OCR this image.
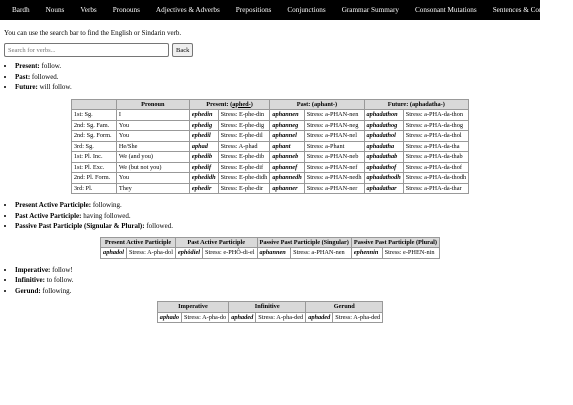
Bardh	Nouns	Verbs	Pronouns	Adjectives & Adverbs	Prepositions	Conjunctions	Grammar Summary	Consonant Mutations	Sentences & Compounds
You can use the search bar to find the English or Sindarin verb.
Search for verbs...
Back
• Present: follow.
• Past: followed.
• Future: will follow.
	Pronoun	Present: (aphed-)		Past: (aphant-)		Future: (aphadatha-)	
1st: Sg.	I	ephedin	Stress: E-phe-din	aphannen	Stress: a-PHAN-nen	aphadathon	Stress: a-PHA-da-thon
2nd: Sg. Fam.	You	ephedig	Stress: E-phe-dig	aphanneg	Stress: a-PHAN-neg	aphadathog	Stress: a-PHA-da-thog
2nd: Sg. Form.	You	ephedil	Stress: E-phe-dil	aphannel	Stress: a-PHAN-nel	aphadathol	Stress: a-PHA-da-thol
3rd: Sg.	He/She	aphad	Stress: A-phad	aphant	Stress: a-Phant	aphadatha	Stress: a-PHA-da-tha
1st: Pl. Inc.	We (and you)	ephedib	Stress: E-phe-dib	aphanneb	Stress: a-PHAN-neb	aphadathab	Stress: a-PHA-da-thab
1st: Pl. Exc.	We (but not you)	ephedif	Stress: E-phe-dif	aphannef	Stress: a-PHAN-nef	aphadathof	Stress: a-PHA-da-thof
2nd: Pl. Form.	You	ephedidh	Stress: E-phe-didh	aphannedh	Stress: a-PHAN-nedh	aphadathodh	Stress: a-PHA-da-thodh
3rd: Pl.	They	ephedir	Stress: E-phe-dir	aphanner	Stress: a-PHAN-ner	aphadathar	Stress: a-PHA-da-thar
• Present Active Participle: following.
• Past Active Participle: having followed.
• Passive Past Participle (Signular & Plural): followed.
Present Active Participle		Past Active Participle		Passive Past Participle (Singular)		Passive Past Participle (Plural)	
aphadol	Stress: A-pha-dol	ephôdiel	Stress: e-PHÔ-di-el	aphannen	Stress: a-PHAN-nen	ephennin	Stress: e-PHEN-nin
• Imperative: follow!
• Infinitive: to follow.
• Gerund: following.
Imperative		Infinitive		Gerund	
aphado	Stress: A-pha-do	aphaded	Stress: A-pha-ded	aphaded	Stress: A-pha-ded
